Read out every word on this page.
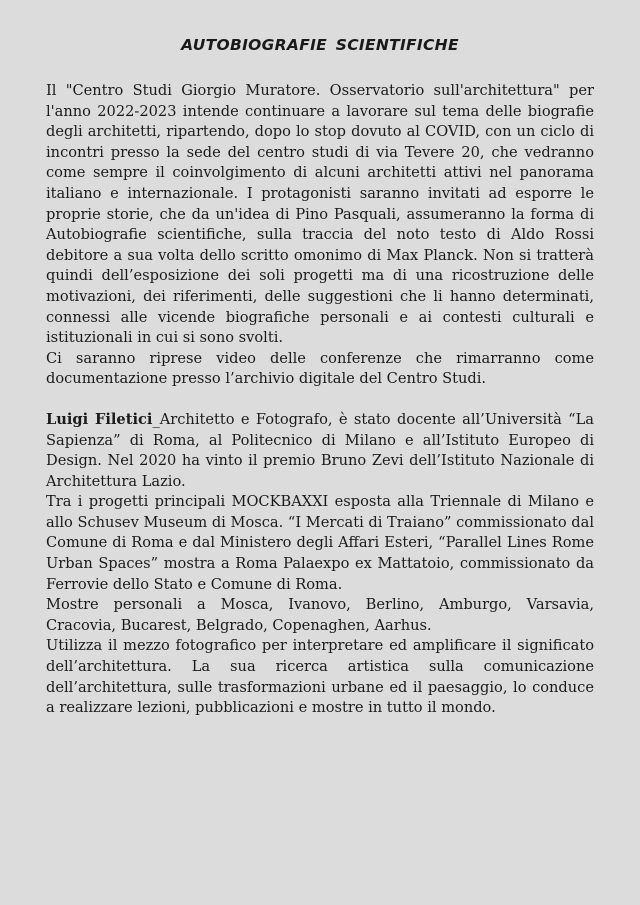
AUTOBIOGRAFIE SCIENTIFICHE

Il "Centro Studi Giorgio Muratore. Osservatorio sull'architettura" per l'anno 2022-2023 intende continuare a lavorare sul tema delle biografie degli architetti, ripartendo, dopo lo stop dovuto al COVID, con un ciclo di incontri presso la sede del centro studi di via Tevere 20, che vedranno come sempre il coinvolgimento di alcuni architetti attivi nel panorama italiano e internazionale. I protagonisti saranno invitati ad esporre le proprie storie, che da un'idea di Pino Pasquali, assumeranno la forma di Autobiografie scientifiche, sulla traccia del noto testo di Aldo Rossi debitore a sua volta dello scritto omonimo di Max Planck. Non si tratterà quindi dell’esposizione dei soli progetti ma di una ricostruzione delle motivazioni, dei riferimenti, delle suggestioni che li hanno determinati, connessi alle vicende biografiche personali e ai contesti culturali e istituzionali in cui si sono svolti.

Ci saranno riprese video delle conferenze che rimarranno come documentazione presso l’archivio digitale del Centro Studi.

Luigi Filetici_Architetto e Fotografo, è stato docente all’Università “La Sapienza” di Roma, al Politecnico di Milano e all’Istituto Europeo di Design. Nel 2020 ha vinto il premio Bruno Zevi dell’Istituto Nazionale di Architettura Lazio.

Tra i progetti principali MOCKBAXXI esposta alla Triennale di Milano e allo Schusev Museum di Mosca. “I Mercati di Traiano” commissionato dal Comune di Roma e dal Ministero degli Affari Esteri, “Parallel Lines Rome Urban Spaces” mostra a Roma Palaexpo ex Mattatoio, commissionato da Ferrovie dello Stato e Comune di Roma.

Mostre personali a Mosca, Ivanovo, Berlino, Amburgo, Varsavia, Cracovia, Bucarest, Belgrado, Copenaghen, Aarhus.

Utilizza il mezzo fotografico per interpretare ed amplificare il significato dell’architettura. La sua ricerca artistica sulla comunicazione dell’architettura, sulle trasformazioni urbane ed il paesaggio, lo conduce a realizzare lezioni, pubblicazioni e mostre in tutto il mondo.
